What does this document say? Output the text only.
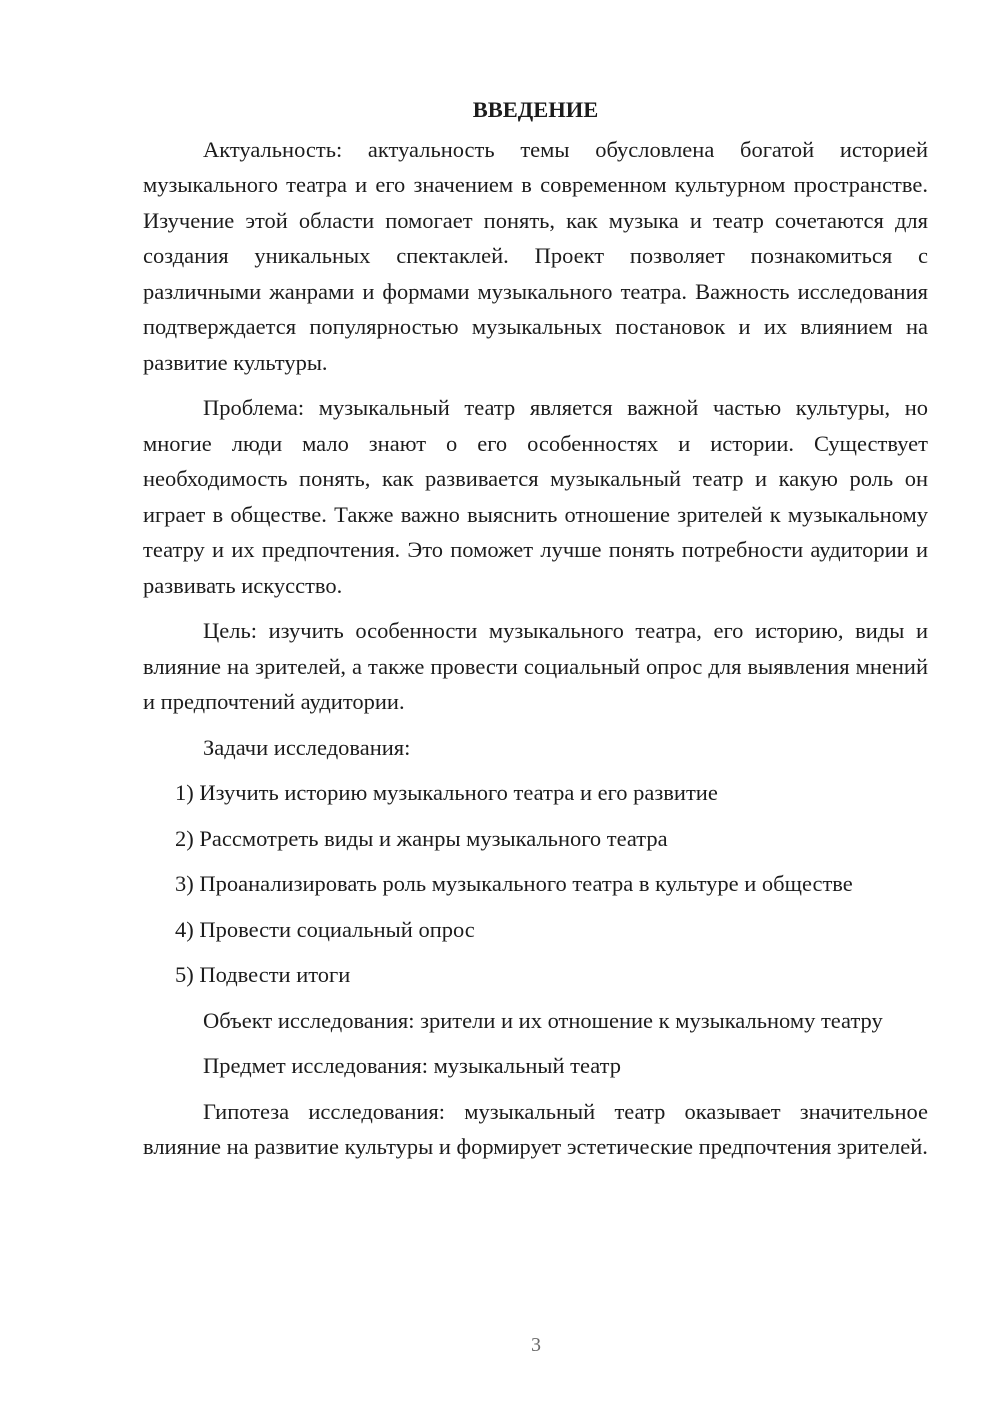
ВВЕДЕНИЕ

Актуальность: актуальность темы обусловлена богатой историей музыкального театра и его значением в современном культурном пространстве. Изучение этой области помогает понять, как музыка и театр сочетаются для создания уникальных спектаклей. Проект позволяет познакомиться с различными жанрами и формами музыкального театра. Важность исследования подтверждается популярностью музыкальных постановок и их влиянием на развитие культуры.

Проблема: музыкальный театр является важной частью культуры, но многие люди мало знают о его особенностях и истории. Существует необходимость понять, как развивается музыкальный театр и какую роль он играет в обществе. Также важно выяснить отношение зрителей к музыкальному театру и их предпочтения. Это поможет лучше понять потребности аудитории и развивать искусство.

Цель: изучить особенности музыкального театра, его историю, виды и влияние на зрителей, а также провести социальный опрос для выявления мнений и предпочтений аудитории.

Задачи исследования:

1) Изучить историю музыкального театра и его развитие

2) Рассмотреть виды и жанры музыкального театра

3) Проанализировать роль музыкального театра в культуре и обществе

4) Провести социальный опрос

5) Подвести итоги

Объект исследования: зрители и их отношение к музыкальному театру

Предмет исследования: музыкальный театр

Гипотеза исследования: музыкальный театр оказывает значительное влияние на развитие культуры и формирует эстетические предпочтения зрителей.

3
